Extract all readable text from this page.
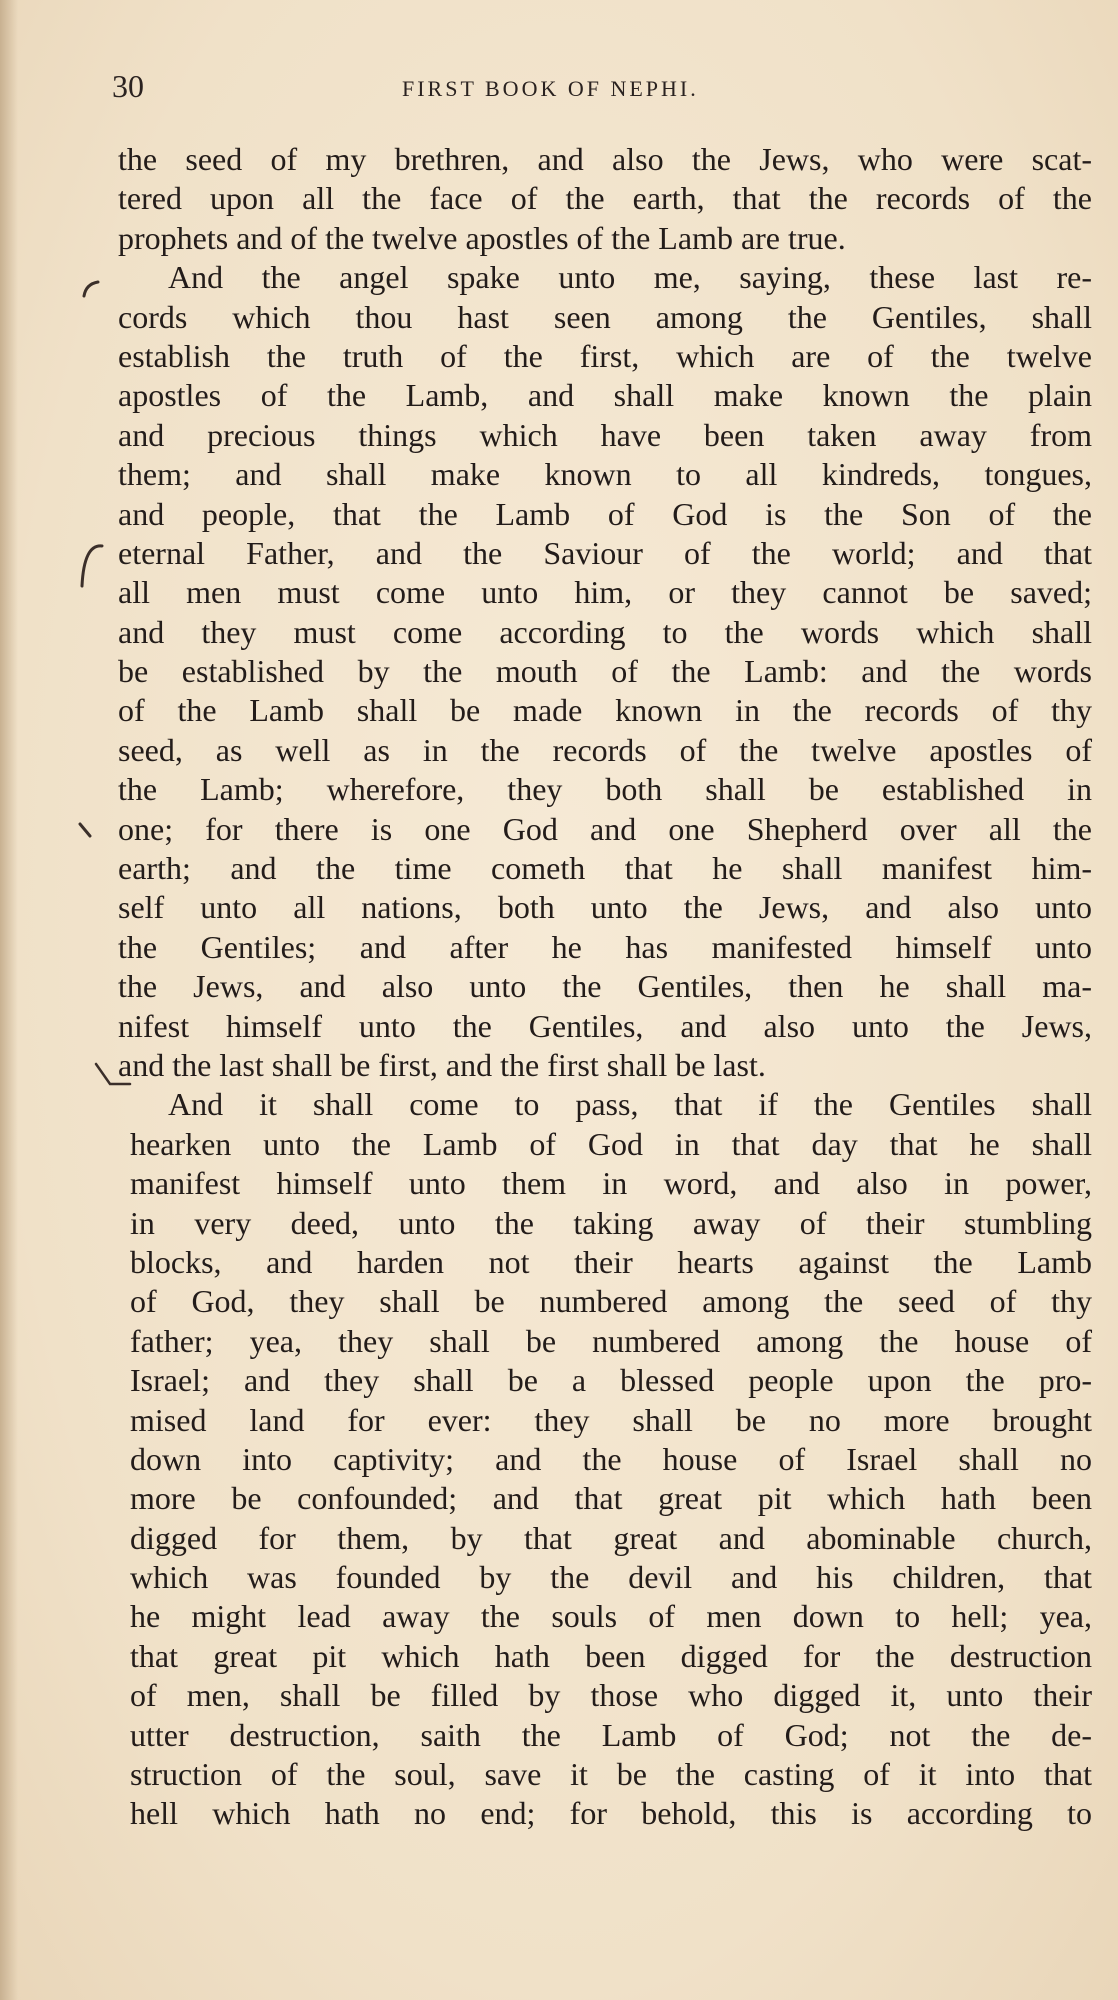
30	FIRST BOOK OF NEPHI.
the seed of my brethren, and also the Jews, who were scat-
tered upon all the face of the earth, that the records of the
prophets and of the twelve apostles of the Lamb are true.
And the angel spake unto me, saying, these last re-
cords which thou hast seen among the Gentiles, shall
establish the truth of the first, which are of the twelve
apostles of the Lamb, and shall make known the plain
and precious things which have been taken away from
them; and shall make known to all kindreds, tongues,
and people, that the Lamb of God is the Son of the
eternal Father, and the Saviour of the world; and that
all men must come unto him, or they cannot be saved;
and they must come according to the words which shall
be established by the mouth of the Lamb: and the words
of the Lamb shall be made known in the records of thy
seed, as well as in the records of the twelve apostles of
the Lamb; wherefore, they both shall be established in
one; for there is one God and one Shepherd over all the
earth; and the time cometh that he shall manifest him-
self unto all nations, both unto the Jews, and also unto
the Gentiles; and after he has manifested himself unto
the Jews, and also unto the Gentiles, then he shall ma-
nifest himself unto the Gentiles, and also unto the Jews,
and the last shall be first, and the first shall be last.
And it shall come to pass, that if the Gentiles shall
hearken unto the Lamb of God in that day that he shall
manifest himself unto them in word, and also in power,
in very deed, unto the taking away of their stumbling
blocks, and harden not their hearts against the Lamb
of God, they shall be numbered among the seed of thy
father; yea, they shall be numbered among the house of
Israel; and they shall be a blessed people upon the pro-
mised land for ever: they shall be no more brought
down into captivity; and the house of Israel shall no
more be confounded; and that great pit which hath been
digged for them, by that great and abominable church,
which was founded by the devil and his children, that
he might lead away the souls of men down to hell; yea,
that great pit which hath been digged for the destruction
of men, shall be filled by those who digged it, unto their
utter destruction, saith the Lamb of God; not the de-
struction of the soul, save it be the casting of it into that
hell which hath no end; for behold, this is according to
